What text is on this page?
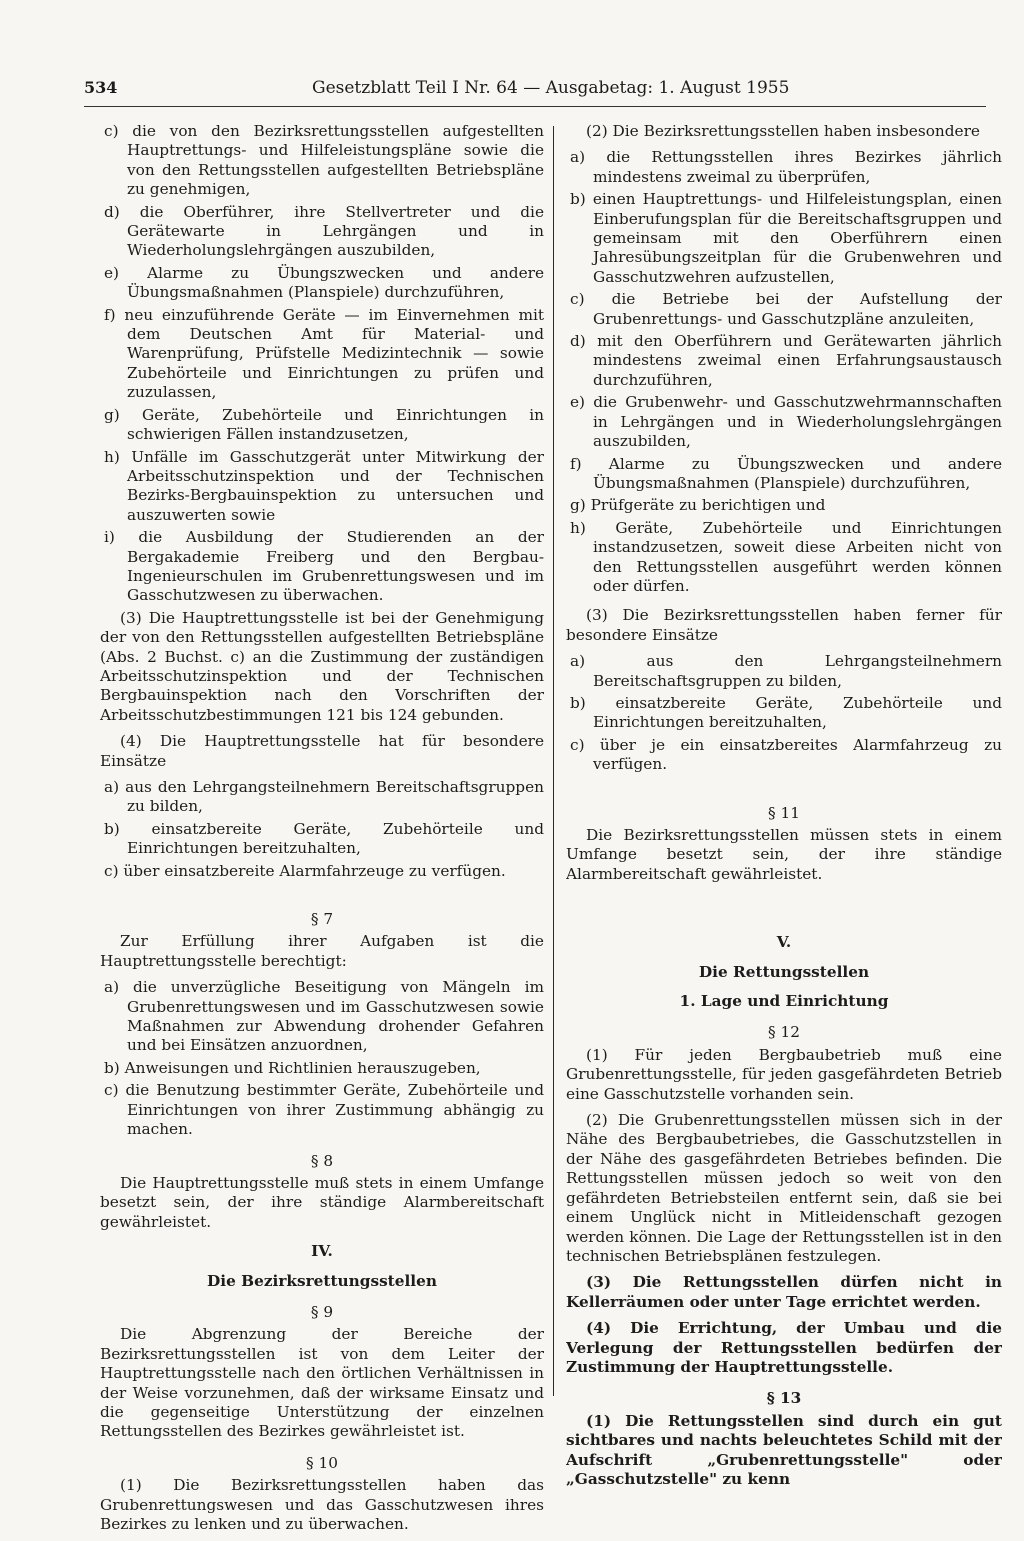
534	Gesetzblatt Teil I Nr. 64 — Ausgabetag: 1. August 1955
c) die von den Bezirksrettungsstellen aufgestellten Hauptrettungs- und Hilfeleistungspläne sowie die von den Rettungsstellen aufgestellten Betriebspläne zu genehmigen,
d) die Oberführer, ihre Stellvertreter und die Gerätewarte in Lehrgängen und in Wiederholungslehrgängen auszubilden,
e) Alarme zu Übungszwecken und andere Übungsmaßnahmen (Planspiele) durchzuführen,
f) neu einzuführende Geräte — im Einvernehmen mit dem Deutschen Amt für Material- und Warenprüfung, Prüfstelle Medizintechnik — sowie Zubehörteile und Einrichtungen zu prüfen und zuzulassen,
g) Geräte, Zubehörteile und Einrichtungen in schwierigen Fällen instandzusetzen,
h) Unfälle im Gasschutzgerät unter Mitwirkung der Arbeitsschutzinspektion und der Technischen Bezirks-Bergbauinspektion zu untersuchen und auszuwerten sowie
i) die Ausbildung der Studierenden an der Bergakademie Freiberg und den Bergbau-Ingenieurschulen im Grubenrettungswesen und im Gasschutzwesen zu überwachen.

(3) Die Hauptrettungsstelle ist bei der Genehmigung der von den Rettungsstellen aufgestellten Betriebspläne (Abs. 2 Buchst. c) an die Zustimmung der zuständigen Arbeitsschutzinspektion und der Technischen Bergbauinspektion nach den Vorschriften der Arbeitsschutzbestimmungen 121 bis 124 gebunden.

(4) Die Hauptrettungsstelle hat für besondere Einsätze

a) aus den Lehrgangsteilnehmern Bereitschaftsgruppen zu bilden,
b) einsatzbereite Geräte, Zubehörteile und Einrichtungen bereitzuhalten,
c) über einsatzbereite Alarmfahrzeuge zu verfügen.
§ 7

Zur Erfüllung ihrer Aufgaben ist die Hauptrettungsstelle berechtigt:

a) die unverzügliche Beseitigung von Mängeln im Grubenrettungswesen und im Gasschutzwesen sowie Maßnahmen zur Abwendung drohender Gefahren und bei Einsätzen anzuordnen,
b) Anweisungen und Richtlinien herauszugeben,
c) die Benutzung bestimmter Geräte, Zubehörteile und Einrichtungen von ihrer Zustimmung abhängig zu machen.
§ 8

Die Hauptrettungsstelle muß stets in einem Umfange besetzt sein, der ihre ständige Alarmbereitschaft gewährleistet.

IV.
Die Bezirksrettungsstellen
§ 9

Die Abgrenzung der Bereiche der Bezirksrettungsstellen ist von dem Leiter der Hauptrettungsstelle nach den örtlichen Verhältnissen in der Weise vorzunehmen, daß der wirksame Einsatz und die gegenseitige Unterstützung der einzelnen Rettungsstellen des Bezirkes gewährleistet ist.

§ 10

(1) Die Bezirksrettungsstellen haben das Grubenrettungswesen und das Gasschutzwesen ihres Bezirkes zu lenken und zu überwachen.

(2) Die Bezirksrettungsstellen haben insbesondere

a) die Rettungsstellen ihres Bezirkes jährlich mindestens zweimal zu überprüfen,
b) einen Hauptrettungs- und Hilfeleistungsplan, einen Einberufungsplan für die Bereitschaftsgruppen und gemeinsam mit den Oberführern einen Jahresübungszeitplan für die Grubenwehren und Gasschutzwehren aufzustellen,
c) die Betriebe bei der Aufstellung der Grubenrettungs- und Gasschutzpläne anzuleiten,
d) mit den Oberführern und Gerätewarten jährlich mindestens zweimal einen Erfahrungsaustausch durchzuführen,
e) die Grubenwehr- und Gasschutzwehrmannschaften in Lehrgängen und in Wiederholungslehrgängen auszubilden,
f) Alarme zu Übungszwecken und andere Übungsmaßnahmen (Planspiele) durchzuführen,
g) Prüfgeräte zu berichtigen und
h) Geräte, Zubehörteile und Einrichtungen instandzusetzen, soweit diese Arbeiten nicht von den Rettungsstellen ausgeführt werden können oder dürfen.

(3) Die Bezirksrettungsstellen haben ferner für besondere Einsätze

a) aus den Lehrgangsteilnehmern Bereitschaftsgruppen zu bilden,
b) einsatzbereite Geräte, Zubehörteile und Einrichtungen bereitzuhalten,
c) über je ein einsatzbereites Alarmfahrzeug zu verfügen.
§ 11

Die Bezirksrettungsstellen müssen stets in einem Umfange besetzt sein, der ihre ständige Alarmbereitschaft gewährleistet.

V.
Die Rettungsstellen
1. Lage und Einrichtung
§ 12

(1) Für jeden Bergbaubetrieb muß eine Grubenrettungsstelle, für jeden gasgefährdeten Betrieb eine Gasschutzstelle vorhanden sein.

(2) Die Grubenrettungsstellen müssen sich in der Nähe des Bergbaubetriebes, die Gasschutzstellen in der Nähe des gasgefährdeten Betriebes befinden. Die Rettungsstellen müssen jedoch so weit von den gefährdeten Betriebsteilen entfernt sein, daß sie bei einem Unglück nicht in Mitleidenschaft gezogen werden können. Die Lage der Rettungsstellen ist in den technischen Betriebsplänen festzulegen.

(3) Die Rettungsstellen dürfen nicht in Kellerräumen oder unter Tage errichtet werden.

(4) Die Errichtung, der Umbau und die Verlegung der Rettungsstellen bedürfen der Zustimmung der Hauptrettungsstelle.

§ 13

(1) Die Rettungsstellen sind durch ein gut sichtbares und nachts beleuchtetes Schild mit der Aufschrift „Grubenrettungsstelle" oder „Gasschutzstelle" zu kenn
